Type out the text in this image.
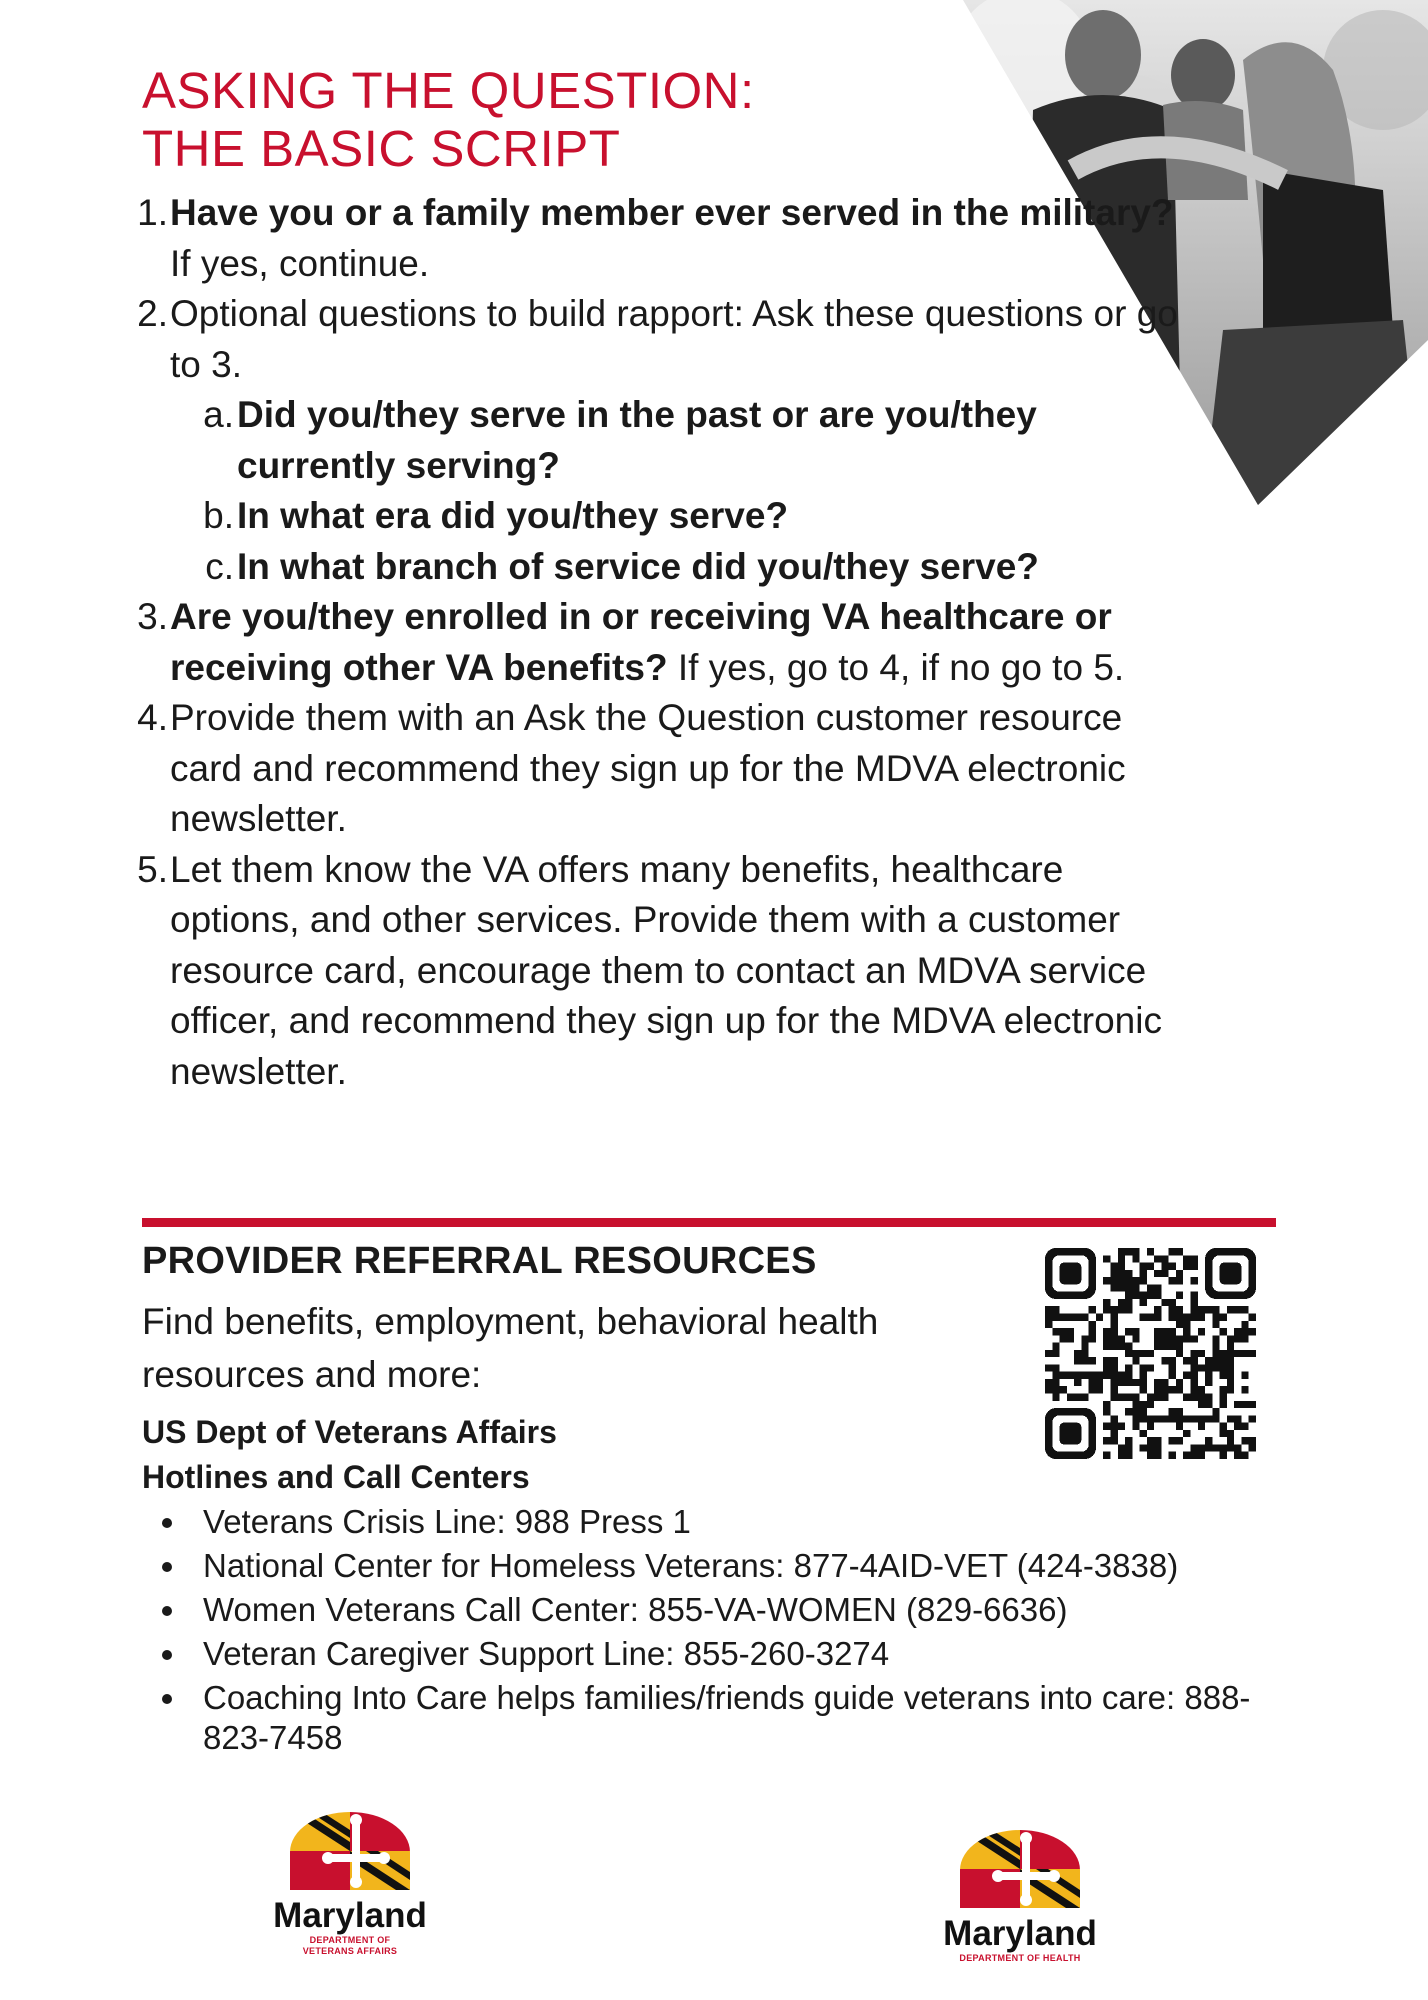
ASKING THE QUESTION:
THE BASIC SCRIPT
1. Have you or a family member ever served in the military? If yes, continue.
2. Optional questions to build rapport: Ask these questions or go to 3.
a. Did you/they serve in the past or are you/they currently serving?
b. In what era did you/they serve?
c. In what branch of service did you/they serve?
3. Are you/they enrolled in or receiving VA healthcare or receiving other VA benefits? If yes, go to 4, if no go to 5.
4. Provide them with an Ask the Question customer resource card and recommend they sign up for the MDVA electronic newsletter.
5. Let them know the VA offers many benefits, healthcare options, and other services. Provide them with a customer resource card, encourage them to contact an MDVA service officer, and recommend they sign up for the MDVA electronic newsletter.
PROVIDER REFERRAL RESOURCES
Find benefits, employment, behavioral health resources and more:
US Dept of Veterans Affairs
Hotlines and Call Centers
Veterans Crisis Line: 988 Press 1
National Center for Homeless Veterans: 877-4AID-VET (424-3838)
Women Veterans Call Center: 855-VA-WOMEN (829-6636)
Veteran Caregiver Support Line: 855-260-3274
Coaching Into Care helps families/friends guide veterans into care: 888-823-7458
Maryland
DEPARTMENT OF
VETERANS AFFAIRS	Maryland
DEPARTMENT OF HEALTH
